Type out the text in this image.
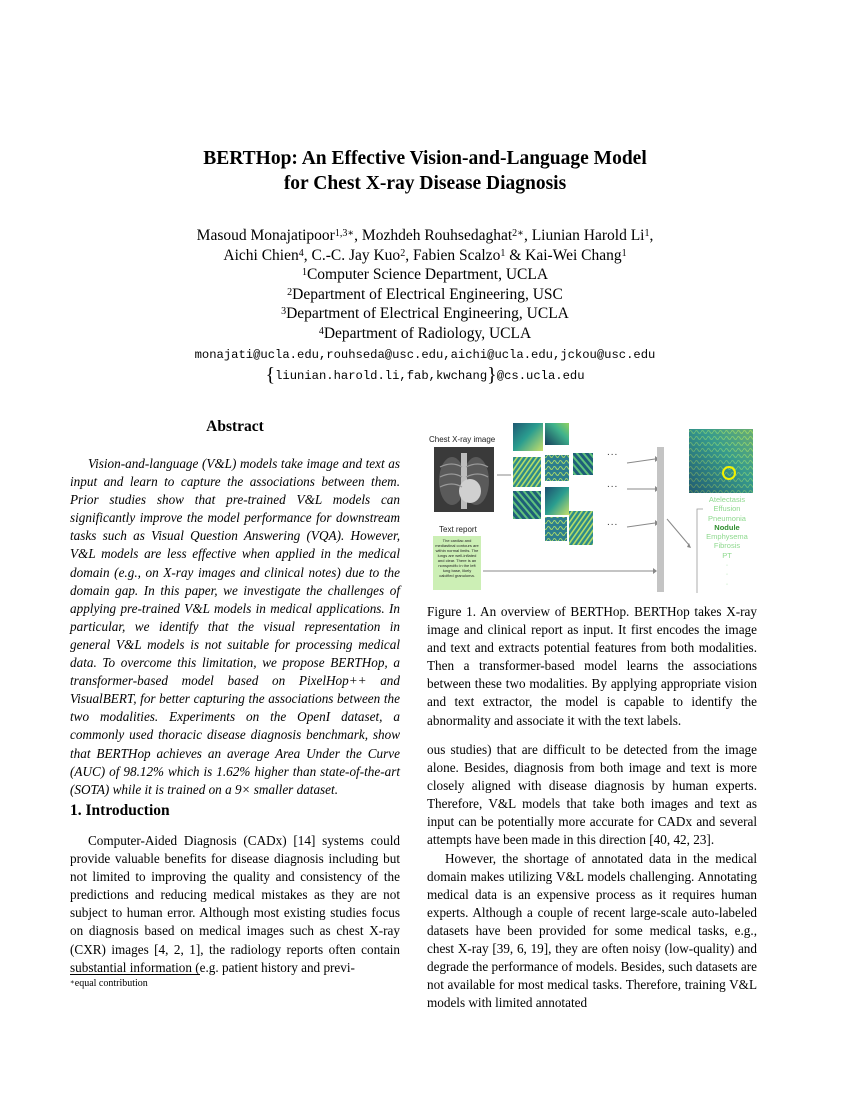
BERTHop: An Effective Vision-and-Language Model
for Chest X-ray Disease Diagnosis
Masoud Monajatipoor$^{1,3∗}$, Mozhdeh Rouhsedaghat$^{2∗}$, Liunian Harold Li$^1$,
Aichi Chien$^4$, C.-C. Jay Kuo$^2$, Fabien Scalzo$^1$ & Kai-Wei Chang$^1$
$^1$Computer Science Department, UCLA
$^2$Department of Electrical Engineering, USC
$^3$Department of Electrical Engineering, UCLA
$^4$Department of Radiology, UCLA
monajati@ucla.edu,rouhseda@usc.edu,aichi@ucla.edu,jckou@usc.edu
{liunian.harold.li,fab,kwchang}@cs.ucla.edu
Abstract

Vision-and-language (V&L) models take image and text as input and learn to capture the associations between them. Prior studies show that pre-trained V&L models can significantly improve the model performance for downstream tasks such as Visual Question Answering (VQA). However, V&L models are less effective when applied in the medical domain (e.g., on X-ray images and clinical notes) due to the domain gap. In this paper, we investigate the challenges of applying pre-trained V&L models in medical applications. In particular, we identify that the visual representation in general V&L models is not suitable for processing medical data. To overcome this limitation, we propose BERTHop, a transformer-based model based on PixelHop++ and VisualBERT, for better capturing the associations between the two modalities. Experiments on the OpenI dataset, a commonly used thoracic disease diagnosis benchmark, show that BERTHop achieves an average Area Under the Curve (AUC) of 98.12% which is 1.62% higher than state-of-the-art (SOTA) while it is trained on a 9× smaller dataset.

1. Introduction

Computer-Aided Diagnosis (CADx) [14] systems could provide valuable benefits for disease diagnosis including but not limited to improving the quality and consistency of the predictions and reducing medical mistakes as they are not subject to human error. Although most existing studies focus on diagnosis based on medical images such as chest X-ray (CXR) images [4, 2, 1], the radiology reports often contain substantial information (e.g. patient history and previ-

∗equal contribution
Chest X-ray image
Text report
The cardiac and mediastinal contours are within normal limits. The lungs are well-inflated and clear. There is an nonspecific in the left lung base, likely calcified granuloma.
...
...
...
Atelectasis
Effusion
Pneumonia
Nodule
Emphysema
Fibrosis
PT
·
·
·

Figure 1. An overview of BERTHop. BERTHop takes X-ray image and clinical report as input. It first encodes the image and text and extracts potential features from both modalities. Then a transformer-based model learns the associations between these two modalities. By applying appropriate vision and text extractor, the model is capable to identify the abnormality and associate it with the text labels.

ous studies) that are difficult to be detected from the image alone. Besides, diagnosis from both image and text is more closely aligned with disease diagnosis by human experts. Therefore, V&L models that take both images and text as input can be potentially more accurate for CADx and several attempts have been made in this direction [40, 42, 23].

However, the shortage of annotated data in the medical domain makes utilizing V&L models challenging. Annotating medical data is an expensive process as it requires human experts. Although a couple of recent large-scale auto-labeled datasets have been provided for some medical tasks, e.g., chest X-ray [39, 6, 19], they are often noisy (low-quality) and degrade the performance of models. Besides, such datasets are not available for most medical tasks. Therefore, training V&L models with limited annotated
